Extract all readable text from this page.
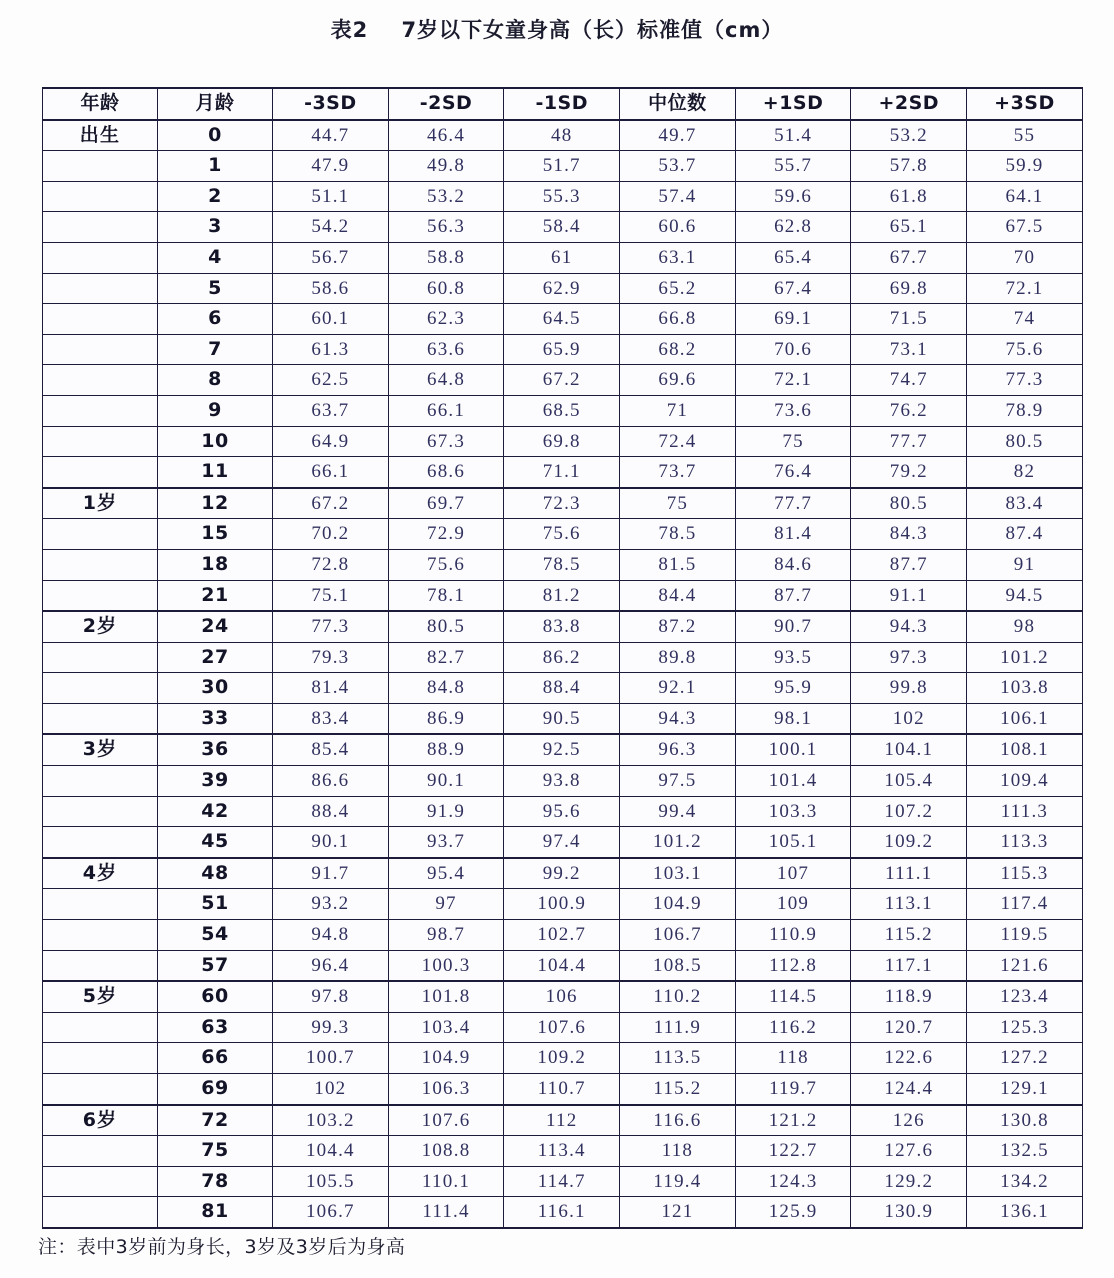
表2    7岁以下女童身高（长）标准值（cm）
年龄	月龄	-3SD	-2SD	-1SD	中位数	+1SD	+2SD	+3SD
出生	0	44.7	46.4	48	49.7	51.4	53.2	55
	1	47.9	49.8	51.7	53.7	55.7	57.8	59.9
	2	51.1	53.2	55.3	57.4	59.6	61.8	64.1
	3	54.2	56.3	58.4	60.6	62.8	65.1	67.5
	4	56.7	58.8	61	63.1	65.4	67.7	70
	5	58.6	60.8	62.9	65.2	67.4	69.8	72.1
	6	60.1	62.3	64.5	66.8	69.1	71.5	74
	7	61.3	63.6	65.9	68.2	70.6	73.1	75.6
	8	62.5	64.8	67.2	69.6	72.1	74.7	77.3
	9	63.7	66.1	68.5	71	73.6	76.2	78.9
	10	64.9	67.3	69.8	72.4	75	77.7	80.5
	11	66.1	68.6	71.1	73.7	76.4	79.2	82
1岁	12	67.2	69.7	72.3	75	77.7	80.5	83.4
	15	70.2	72.9	75.6	78.5	81.4	84.3	87.4
	18	72.8	75.6	78.5	81.5	84.6	87.7	91
	21	75.1	78.1	81.2	84.4	87.7	91.1	94.5
2岁	24	77.3	80.5	83.8	87.2	90.7	94.3	98
	27	79.3	82.7	86.2	89.8	93.5	97.3	101.2
	30	81.4	84.8	88.4	92.1	95.9	99.8	103.8
	33	83.4	86.9	90.5	94.3	98.1	102	106.1
3岁	36	85.4	88.9	92.5	96.3	100.1	104.1	108.1
	39	86.6	90.1	93.8	97.5	101.4	105.4	109.4
	42	88.4	91.9	95.6	99.4	103.3	107.2	111.3
	45	90.1	93.7	97.4	101.2	105.1	109.2	113.3
4岁	48	91.7	95.4	99.2	103.1	107	111.1	115.3
	51	93.2	97	100.9	104.9	109	113.1	117.4
	54	94.8	98.7	102.7	106.7	110.9	115.2	119.5
	57	96.4	100.3	104.4	108.5	112.8	117.1	121.6
5岁	60	97.8	101.8	106	110.2	114.5	118.9	123.4
	63	99.3	103.4	107.6	111.9	116.2	120.7	125.3
	66	100.7	104.9	109.2	113.5	118	122.6	127.2
	69	102	106.3	110.7	115.2	119.7	124.4	129.1
6岁	72	103.2	107.6	112	116.6	121.2	126	130.8
	75	104.4	108.8	113.4	118	122.7	127.6	132.5
	78	105.5	110.1	114.7	119.4	124.3	129.2	134.2
	81	106.7	111.4	116.1	121	125.9	130.9	136.1
注：表中3岁前为身长，3岁及3岁后为身高
